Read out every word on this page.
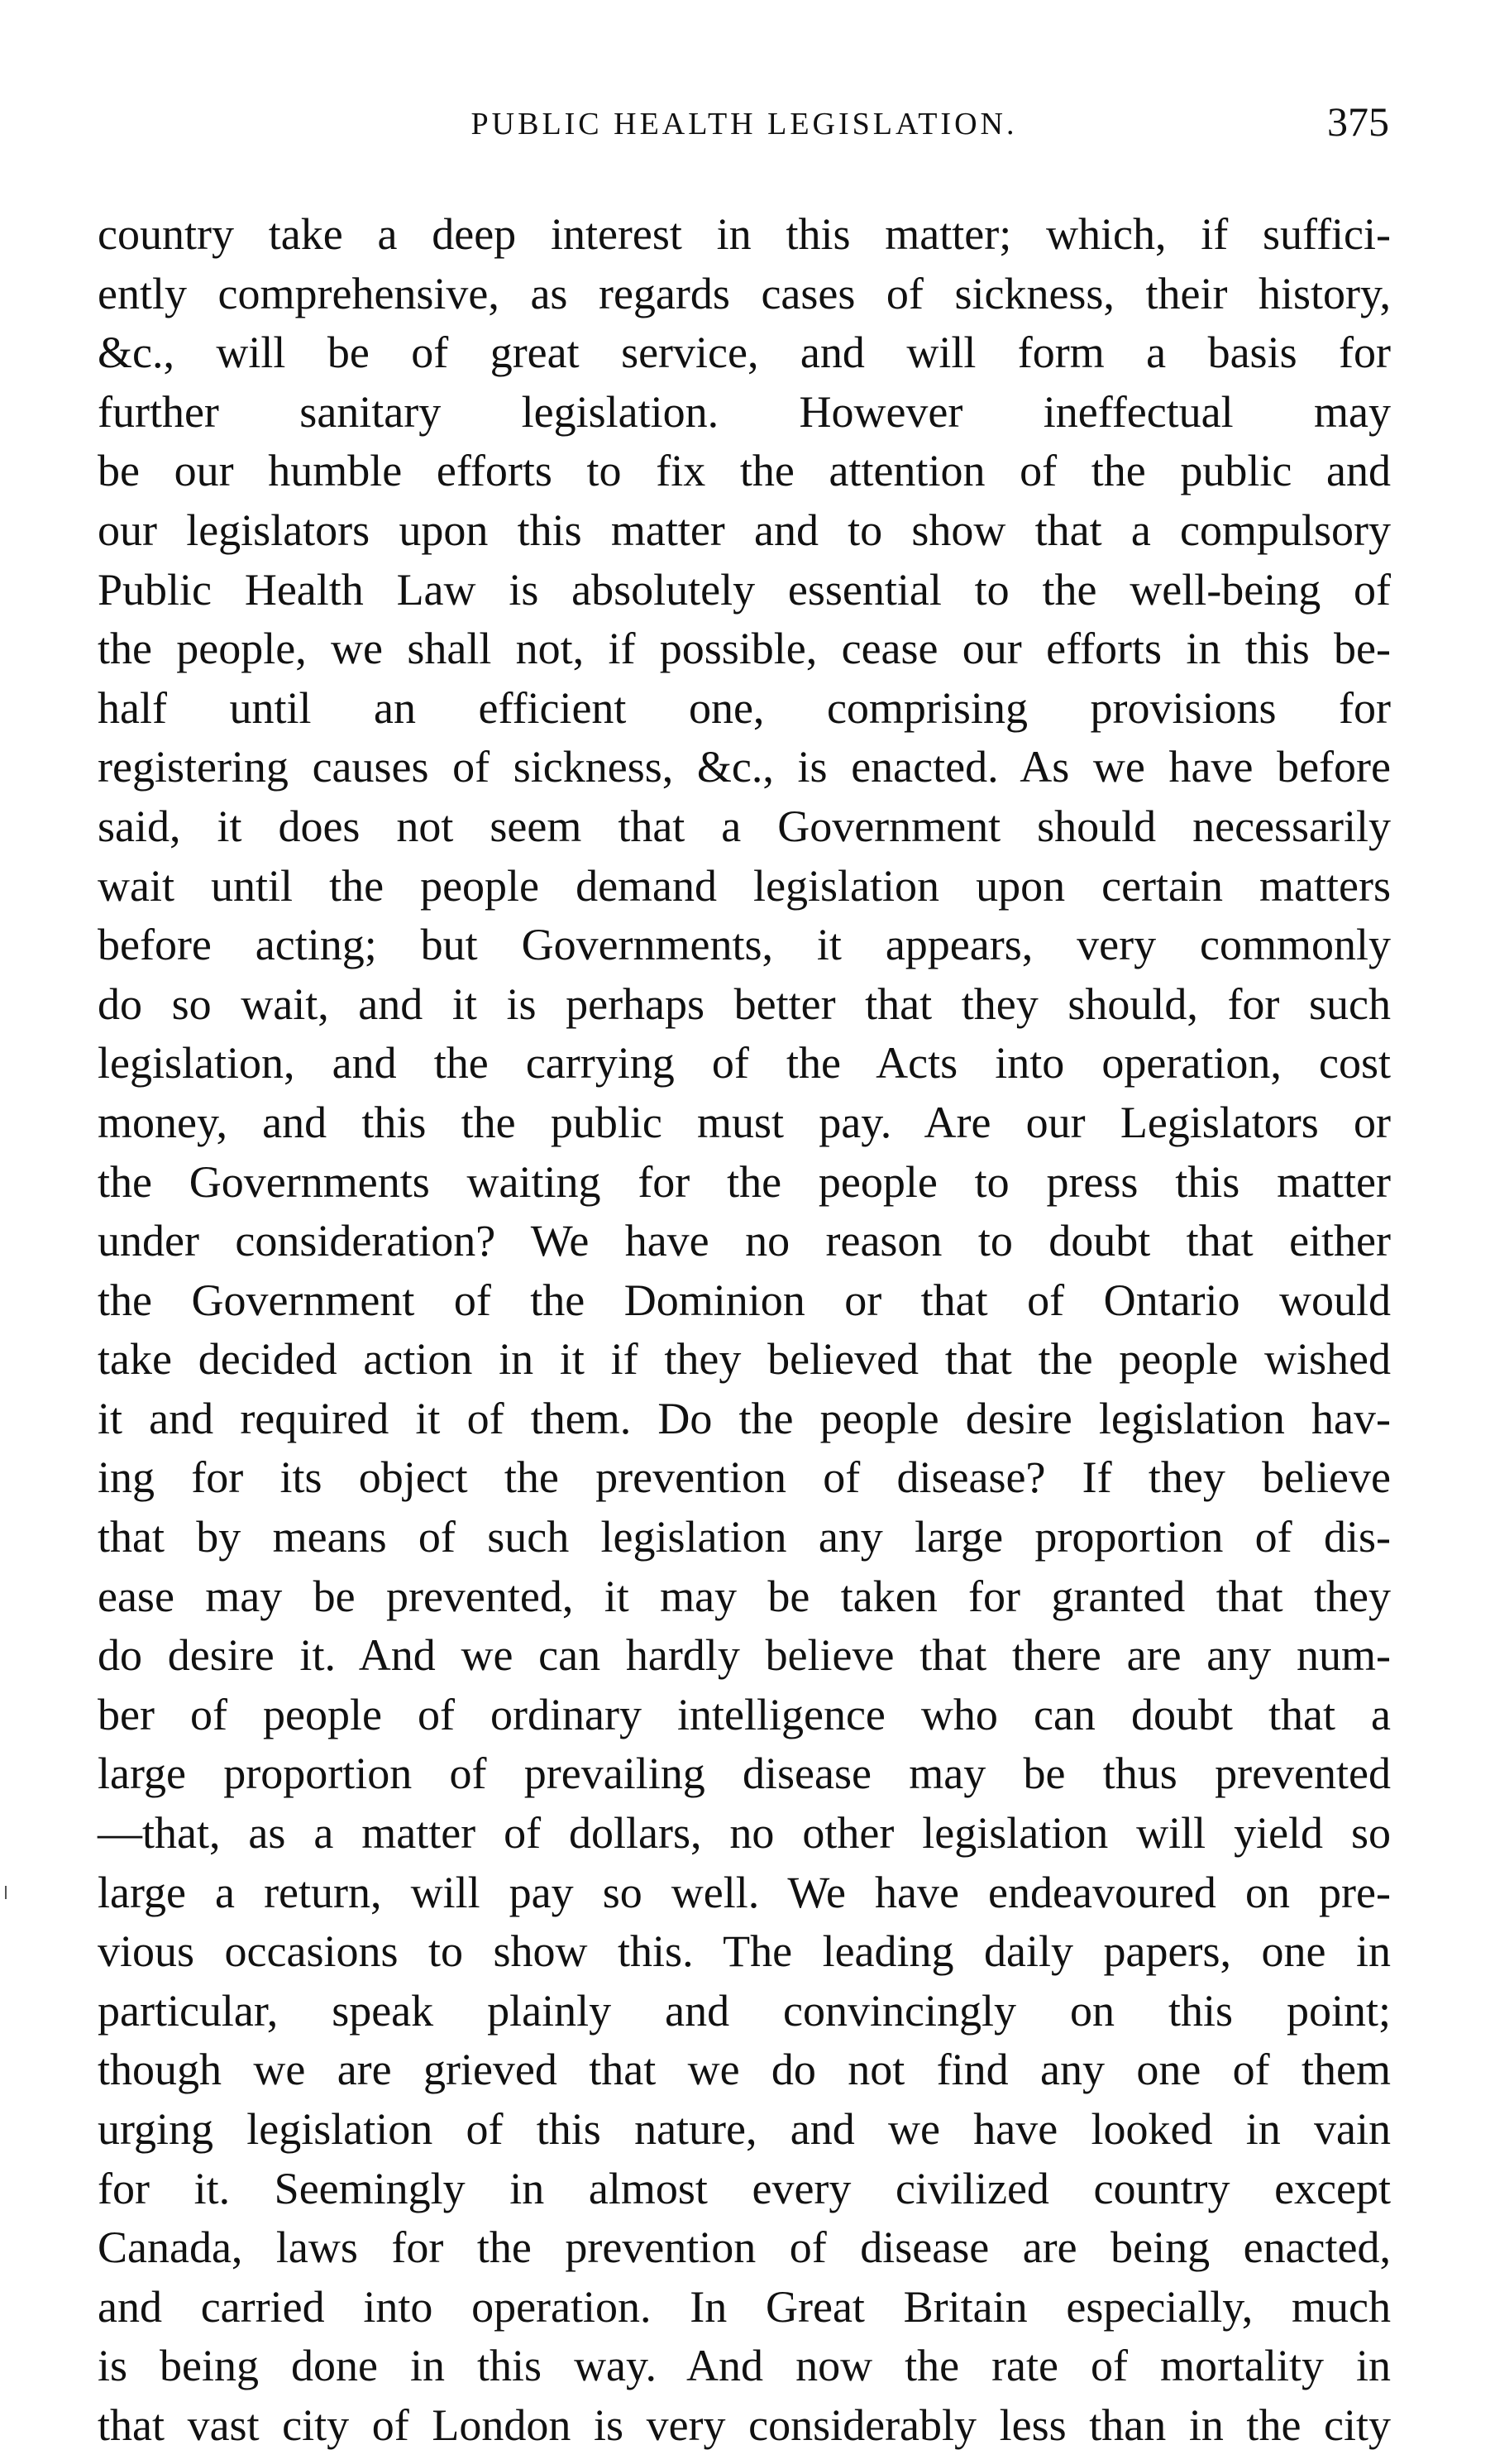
PUBLIC HEALTH LEGISLATION.	375
country take a deep interest in this matter; which, if suffici-
ently comprehensive, as regards cases of sickness, their history,
&c., will be of great service, and will form a basis for
further sanitary legislation. However ineffectual may
be our humble efforts to fix the attention of the public and
our legislators upon this matter and to show that a compulsory
Public Health Law is absolutely essential to the well-being of
the people, we shall not, if possible, cease our efforts in this be-
half until an efficient one, comprising provisions for
registering causes of sickness, &c., is enacted. As we have before
said, it does not seem that a Government should necessarily
wait until the people demand legislation upon certain matters
before acting; but Governments, it appears, very commonly
do so wait, and it is perhaps better that they should, for such
legislation, and the carrying of the Acts into operation, cost
money, and this the public must pay. Are our Legislators or
the Governments waiting for the people to press this matter
under consideration? We have no reason to doubt that either
the Government of the Dominion or that of Ontario would
take decided action in it if they believed that the people wished
it and required it of them. Do the people desire legislation hav-
ing for its object the prevention of disease? If they believe
that by means of such legislation any large proportion of dis-
ease may be prevented, it may be taken for granted that they
do desire it. And we can hardly believe that there are any num-
ber of people of ordinary intelligence who can doubt that a
large proportion of prevailing disease may be thus prevented
—that, as a matter of dollars, no other legislation will yield so
large a return, will pay so well. We have endeavoured on pre-
vious occasions to show this. The leading daily papers, one in
particular, speak plainly and convincingly on this point;
though we are grieved that we do not find any one of them
urging legislation of this nature, and we have looked in vain
for it. Seemingly in almost every civilized country except
Canada, laws for the prevention of disease are being enacted,
and carried into operation. In Great Britain especially, much
is being done in this way. And now the rate of mortality in
that vast city of London is very considerably less than in the city
